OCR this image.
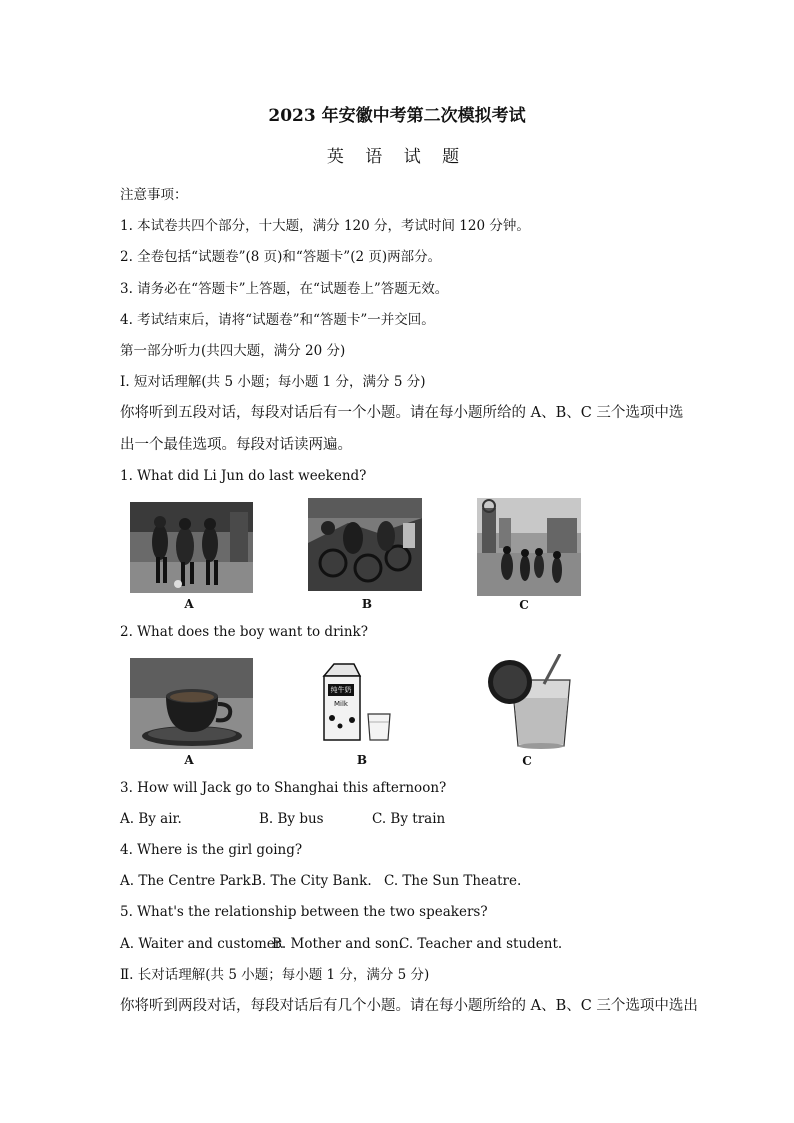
2023 年安徽中考第二次模拟考试
英 语 试 题
注意事项：
1. 本试卷共四个部分，十大题，满分 120 分，考试时间 120 分钟。
2. 全卷包括“试题卷”(8 页)和“答题卡”(2 页)两部分。
3. 请务必在“答题卡”上答题，在“试题卷上”答题无效。
4. 考试结束后，请将“试题卷”和“答题卡”一并交回。
第一部分听力(共四大题，满分 20 分)
I. 短对话理解(共 5 小题；每小题 1 分，满分 5 分)
你将听到五段对话，每段对话后有一个小题。请在每小题所给的 A、B、C 三个选项中选
出一个最佳选项。每段对话读两遍。
1. What did Li Jun do last weekend?
A	B	C
2. What does the boy want to drink?
纯牛奶
Milk
A	B	C
3. How will Jack go to Shanghai this afternoon?
A. By air.	B. By bus	C. By train
4. Where is the girl going?
A. The Centre Park.
B. The City Bank. C. The Sun Theatre.
5. What's the relationship between the two speakers?
A. Waiter and customer.
B. Mother and son.
C. Teacher and student.
Ⅱ. 长对话理解(共 5 小题；每小题 1 分，满分 5 分)
你将听到两段对话，每段对话后有几个小题。请在每小题所给的 A、B、C 三个选项中选出
